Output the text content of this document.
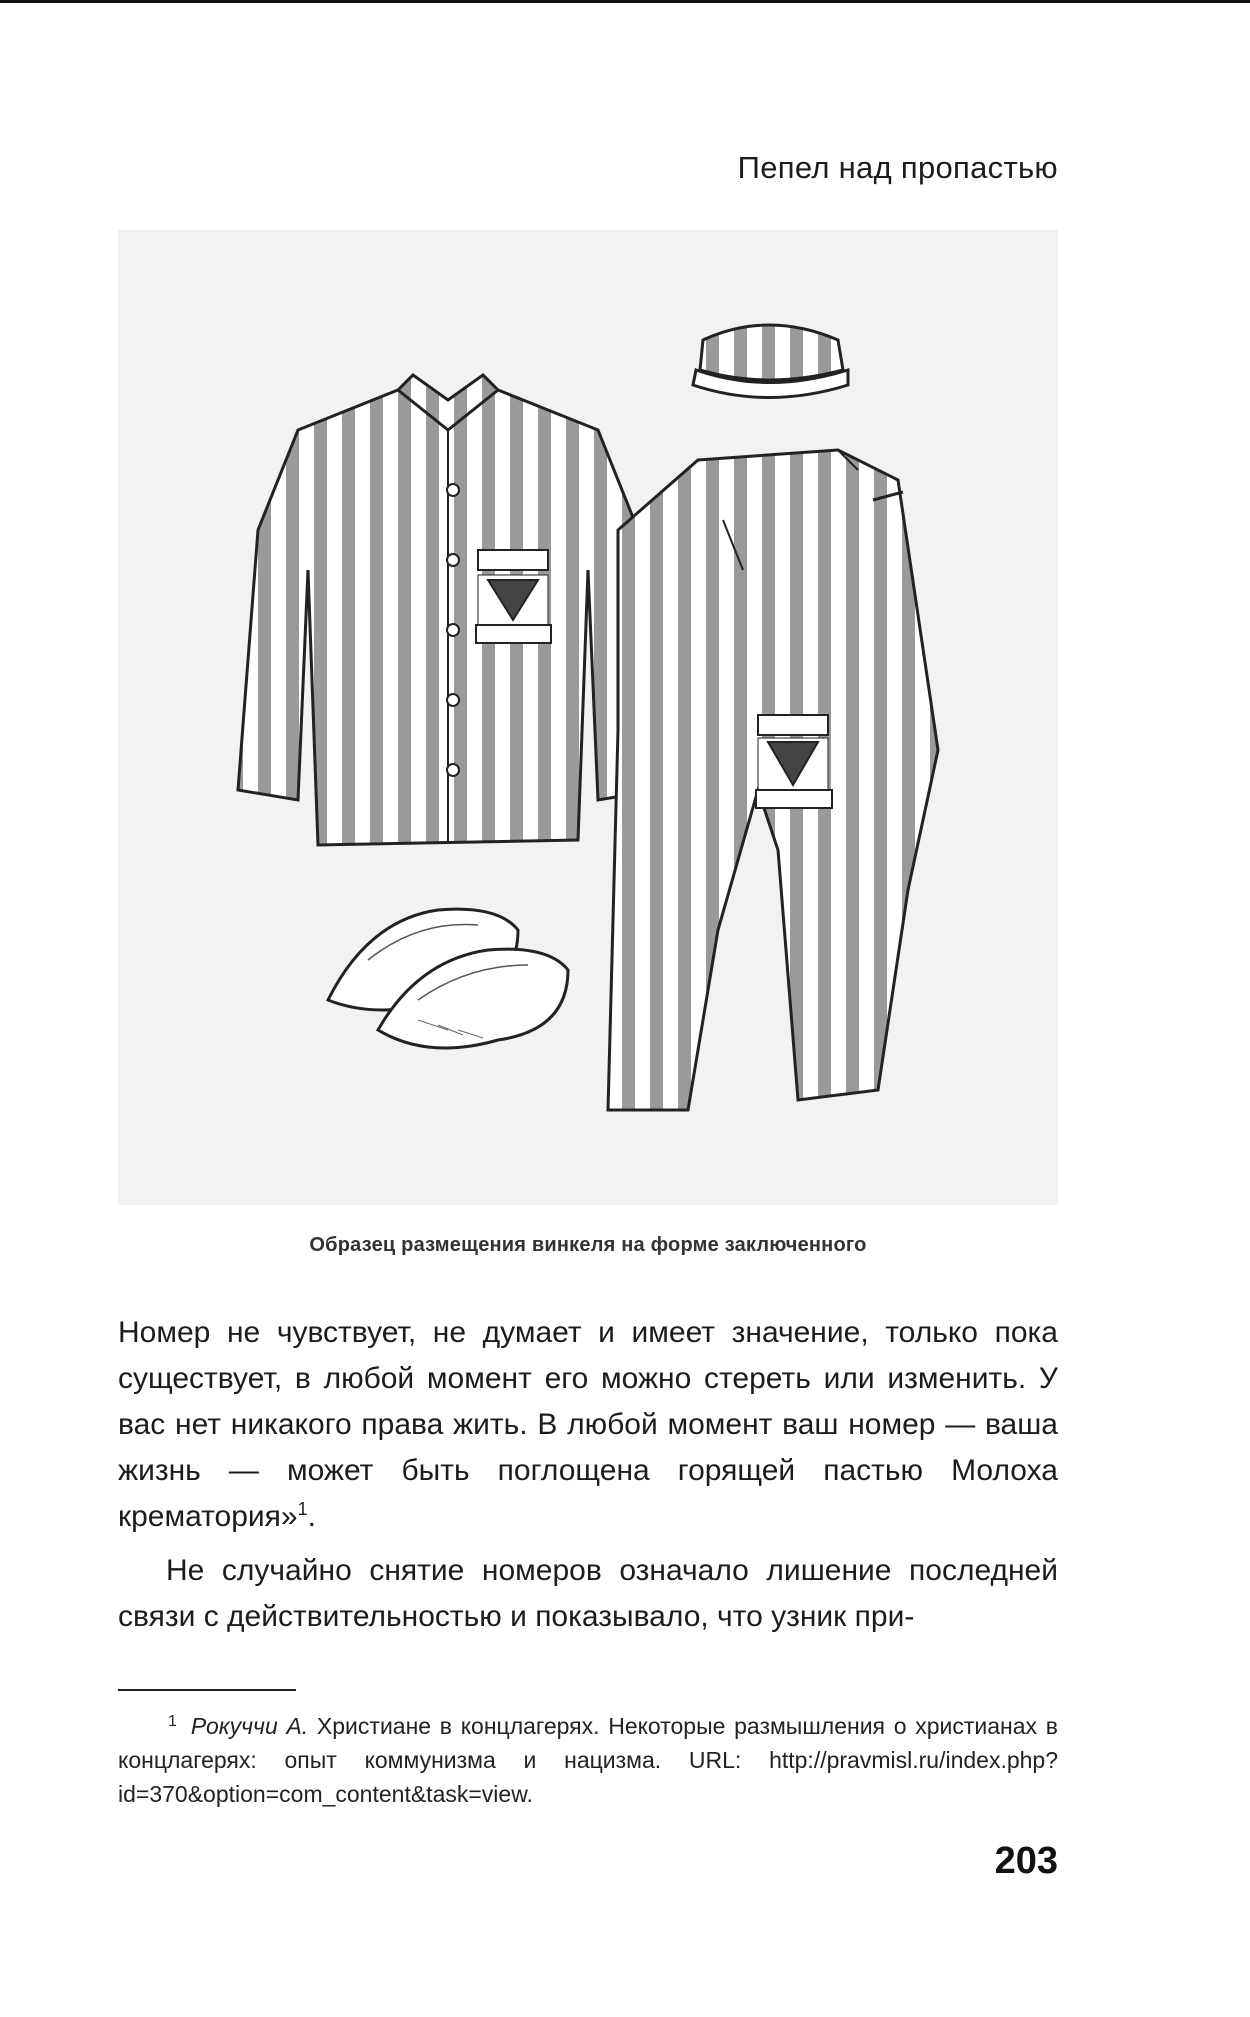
Пепел над пропастью
Образец размещения винкеля на форме заключенного

Номер не чувствует, не думает и имеет значение, только пока существует, в любой момент его можно стереть или изменить. У вас нет никакого права жить. В любой момент ваш номер — ваша жизнь — может быть поглощена горящей пастью Молоха крематория»$^1$.

Не случайно снятие номеров означало лишение последней связи с действительностью и показывало, что узник при-

$^1$ Рокуччи А. Христиане в концлагерях. Некоторые размышления о христианах в концлагерях: опыт коммунизма и нацизма. URL: http://pravmisl.ru/index.php?id=370&option=com_content&task=view.
203
